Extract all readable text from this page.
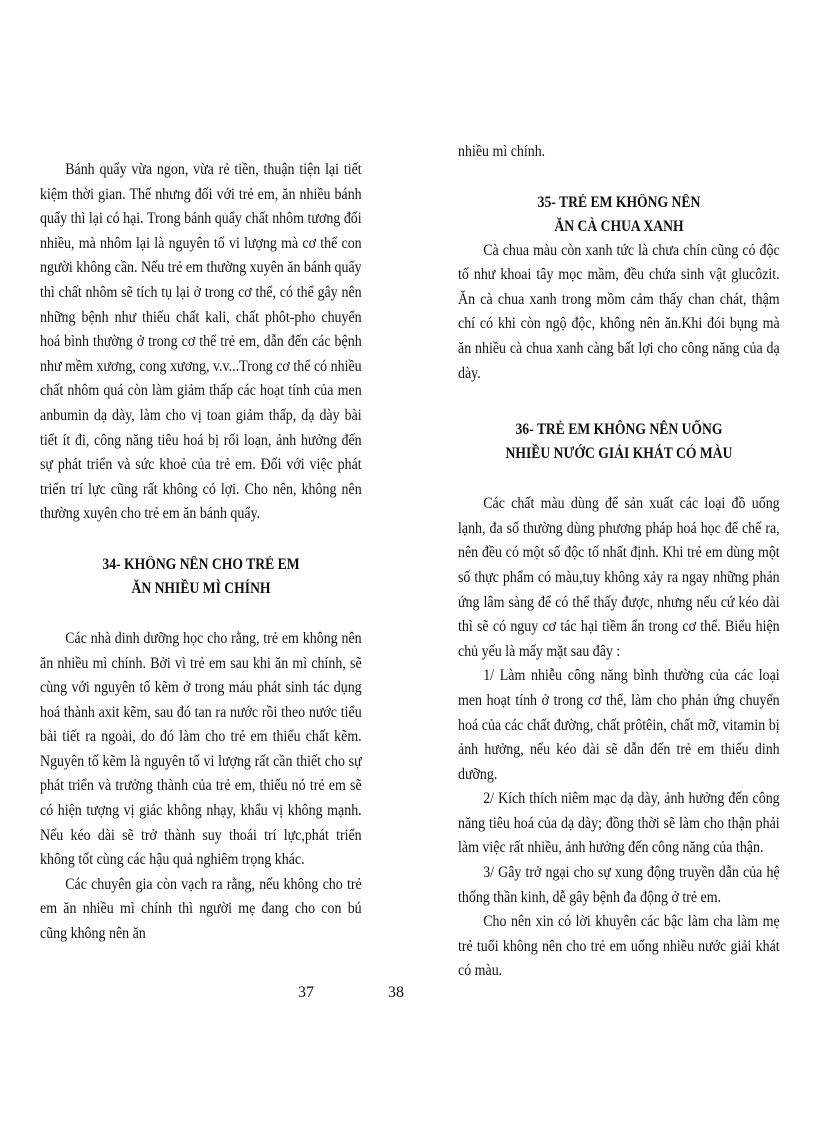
Bánh quẩy vừa ngon, vừa rẻ tiền, thuận tiện lại tiết kiệm thời gian. Thế nhưng đối với trẻ em, ăn nhiều bánh quẩy thì lại có hại. Trong bánh quẩy chất nhôm tương đối nhiều, mà nhôm lại là nguyên tố vi lượng mà cơ thể con người không cần. Nếu trẻ em thường xuyên ăn bánh quẩy thì chất nhôm sẽ tích tụ lại ở trong cơ thể, có thể gây nên những bệnh như thiếu chất kali, chất phôt-pho chuyển hoá bình thường ở trong cơ thể trẻ em, dẫn đến các bệnh như mềm xương, cong xương, v.v...Trong cơ thể có nhiều chất nhôm quá còn làm giảm thấp các hoạt tính của men anbumin dạ dày, làm cho vị toan giảm thấp, dạ dày bài tiết ít đi, công năng tiêu hoá bị rối loạn, ảnh hưởng đến sự phát triển và sức khoẻ của trẻ em. Đối với việc phát triển trí lực cũng rất không có lợi. Cho nên, không nên thường xuyên cho trẻ em ăn bánh quẩy.

34- KHÔNG NÊN CHO TRẺ EM
ĂN NHIỀU MÌ CHÍNH

Các nhà dinh dưỡng học cho rằng, trẻ em không nên ăn nhiều mì chính. Bởi vì trẻ em sau khi ăn mì chính, sẽ cùng với nguyên tố kẽm ở trong máu phát sinh tác dụng hoá thành axit kẽm, sau đó tan ra nước rồi theo nước tiểu bài tiết ra ngoài, do đó làm cho trẻ em thiếu chất kẽm. Nguyên tố kẽm là nguyên tố vi lượng rất cần thiết cho sự phát triển và trưởng thành của trẻ em, thiếu nó trẻ em sẽ có hiện tượng vị giác không nhạy, khẩu vị không mạnh. Nếu kéo dài sẽ trở thành suy thoái trí lực,phát triển không tốt cùng các hậu quả nghiêm trọng khác.

Các chuyên gia còn vạch ra rằng, nếu không cho trẻ em ăn nhiều mì chính thì người mẹ đang cho con bú cũng không nên ăn

nhiều mì chính.

35- TRẺ EM KHÔNG NÊN
ĂN CÀ CHUA XANH

Cà chua màu còn xanh tức là chưa chín cũng có độc tố như khoai tây mọc mầm, đều chứa sinh vật glucôzit. Ăn cà chua xanh trong mồm cảm thấy chan chát, thậm chí có khi còn ngộ độc, không nên ăn.Khi đói bụng mà ăn nhiều cà chua xanh càng bất lợi cho công năng của dạ dày.

36- TRẺ EM KHÔNG NÊN UỐNG
NHIỀU NƯỚC GIẢI KHÁT CÓ MÀU

Các chất màu dùng để sản xuất các loại đồ uống lạnh, đa số thường dùng phương pháp hoá học để chế ra, nên đều có một số độc tố nhất định. Khi trẻ em dùng một số thực phẩm có màu,tuy không xảy ra ngay những phản ứng lâm sàng để có thể thấy được, nhưng nếu cứ kéo dài thì sẽ có nguy cơ tác hại tiềm ẩn trong cơ thể. Biểu hiện chủ yếu là mấy mặt sau đây :

1/ Làm nhiễu công năng bình thường của các loại men hoạt tính ở trong cơ thể, làm cho phản ứng chuyển hoá của các chất đường, chất prôtêin, chất mỡ, vitamin bị ảnh hưởng, nếu kéo dài sẽ dẫn đến trẻ em thiếu dinh dưỡng.

2/ Kích thích niêm mạc dạ dày, ảnh hưởng đến công năng tiêu hoá của dạ dày; đồng thời sẽ làm cho thận phải làm việc rất nhiều, ảnh hưởng đến công năng của thận.

3/ Gây trở ngại cho sự xung động truyền dẫn của hệ thống thần kinh, dễ gây bệnh đa động ở trẻ em.

Cho nên xin có lời khuyên các bậc làm cha làm mẹ trẻ tuổi không nên cho trẻ em uống nhiều nước giải khát có màu.

37	38
